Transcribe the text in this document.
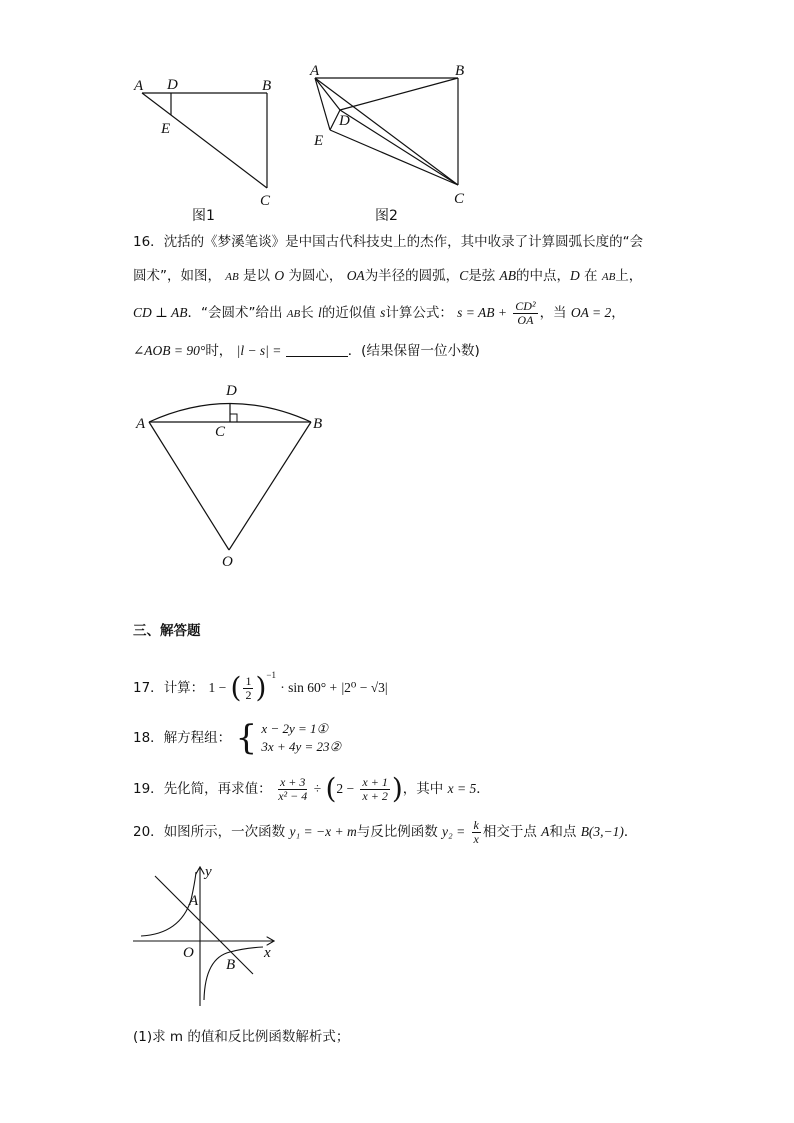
A D	B
E
C
图1
A	B
D
E
C
图2
16．沈括的《梦溪笔谈》是中国古代科技史上的杰作，其中收录了计算圆弧长度的“会
圆术”，如图， AB 是以 O 为圆心， OA为半径的圆弧，C是弦 AB的中点，D 在 AB上，
CD ⊥ AB．“会圆术”给出 AB长 l的近似值 s计算公式： s = AB + $\frac{\text{CD²}}{OA}$ ，当 OA = 2，
∠AOB = 90°时， |l − s| =	．(结果保留一位小数)
A	B
C
D
O
三、解答题
17．计算： 1 − ( $\frac{1}{2} )^{-1} \cdot \sin 60^\circ + |2^0 - √3|$
18．解方程组： { x − 2y = 1①
3x + 4y = 23②
19．先化简，再求值： $\frac{x + 3}{\text{x² − 4}} \div (2 - \frac{x + 1}{x + 2}$ )，其中 x = 5．
20．如图所示，一次函数 y₁ = −x + m与反比例函数 $y_2 = \frac{k}{x}$ 相交于点 A和点 B(3,−1)．
y
x
O
A
B
(1)求 m 的值和反比例函数解析式；
